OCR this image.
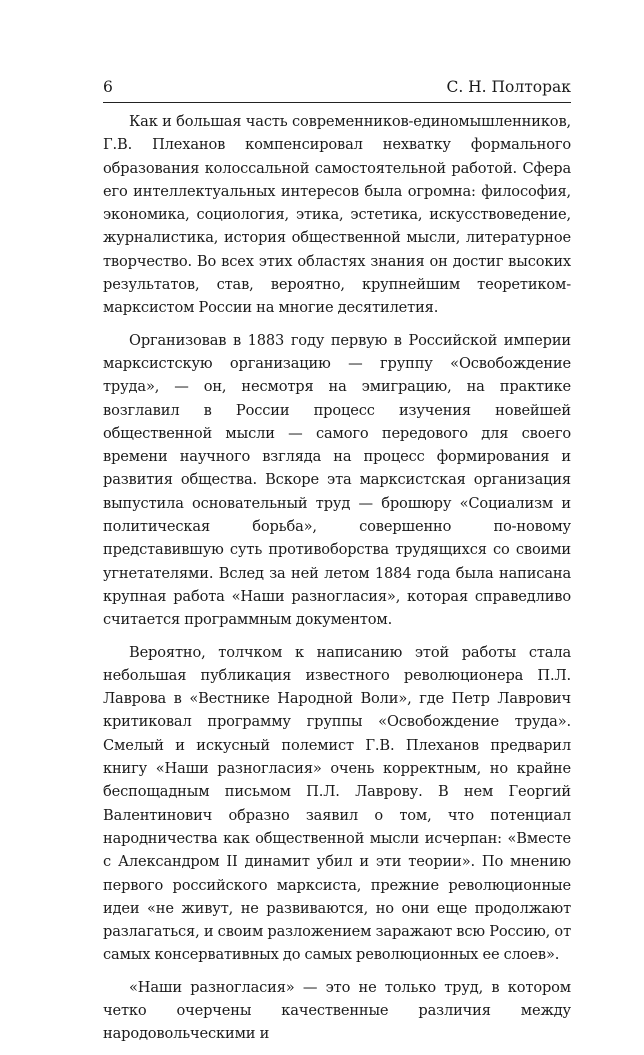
6	С. Н. Полторак

Как и большая часть современников-единомышленников, Г.В. Плеханов компенсировал нехватку формального образования колоссальной самостоятельной работой. Сфера его интеллектуальных интересов была огромна: философия, экономика, социология, этика, эстетика, искусствоведение, журналистика, история общественной мысли, литературное творчество. Во всех этих областях знания он достиг высоких результатов, став, вероятно, крупнейшим теоретиком-марксистом России на многие десятилетия.

Организовав в 1883 году первую в Российской империи марксистскую организацию — группу «Освобождение труда», — он, несмотря на эмиграцию, на практике возглавил в России процесс изучения новейшей общественной мысли — самого передового для своего времени научного взгляда на процесс формирования и развития общества. Вскоре эта марксистская организация выпустила основательный труд — брошюру «Социализм и политическая борьба», совершенно по-новому представившую суть противоборства трудящихся со своими угнетателями. Вслед за ней летом 1884 года была написана крупная работа «Наши разногласия», которая справедливо считается программным документом.

Вероятно, толчком к написанию этой работы стала небольшая публикация известного революционера П.Л. Лаврова в «Вестнике Народной Воли», где Петр Лаврович критиковал программу группы «Освобождение труда». Смелый и искусный полемист Г.В. Плеханов предварил книгу «Наши разногласия» очень корректным, но крайне беспощадным письмом П.Л. Лаврову. В нем Георгий Валентинович образно заявил о том, что потенциал народничества как общественной мысли исчерпан: «Вместе с Александром II динамит убил и эти теории». По мнению первого российского марксиста, прежние революционные идеи «не живут, не развиваются, но они еще продолжают разлагаться, и своим разложением заражают всю Россию, от самых консервативных до самых революционных ее слоев».

«Наши разногласия» — это не только труд, в котором четко очерчены качественные различия между народовольческими и
